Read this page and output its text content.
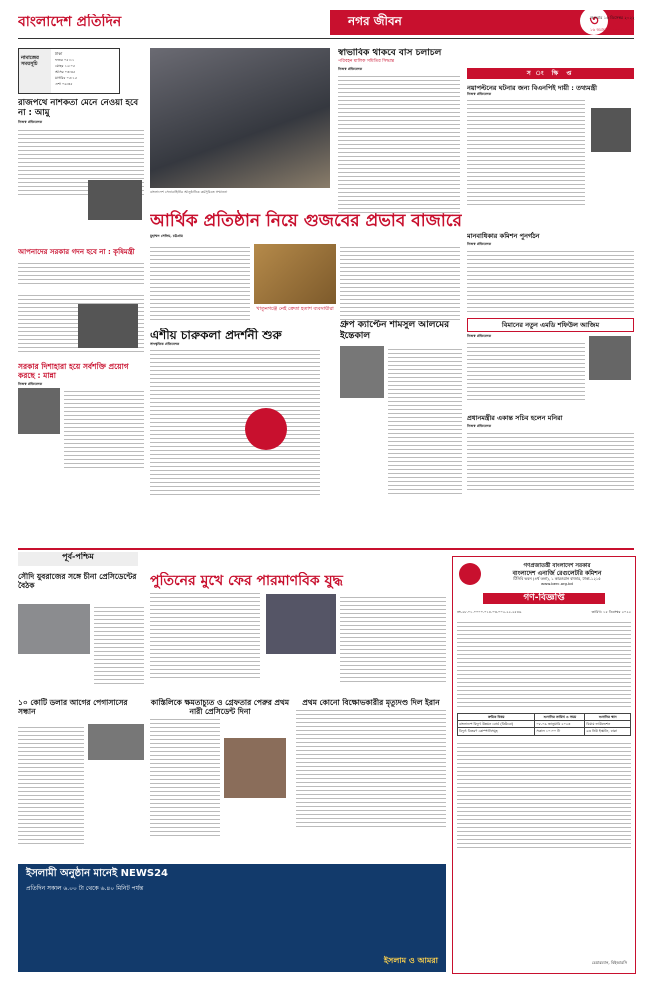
বাংলাদেশ প্রতিদিন	নগর জীবন	৩
শুক্রবার ১৬ ডিসেম্বর ২০২২
১৬ অগ্রহায়ণ ১৪২৯
নামাজের সময়সূচি
ঢাকা
ফজর ০৫:১১
যোহর ১২:০৫
আসর ০৩:৩৫
মাগরিব ০৫:১৫
এশা ০৬:৩৫
রাজপথে নাশকতা মেনে নেওয়া হবে না : আমু
নিজস্ব প্রতিবেদক
আপনাদের সরকার গদন হবে না : কৃষিমন্ত্রী
বাংলাদেশ সেনাবাহিনীর আনুষ্ঠানিক কর্মসূচিতে সম্মাননা
স্বাভাবিক থাকবে বাস চলাচল
পরিবহন মালিক সমিতির সিদ্ধান্ত
নিজস্ব প্রতিবেদক
স ং ক্ষি প্ত
নয়াপল্টনের ঘটনার জন্য বিএনপিই দায়ী : তথ্যমন্ত্রী
নিজস্ব প্রতিবেদক
মানবাধিকার কমিশন পুনর্গঠন
নিজস্ব প্রতিবেদক
বিমানের নতুন এমডি শফিউল আজিম
নিজস্ব প্রতিবেদক
প্রধানমন্ত্রীর একান্ত সচিব হলেন মনিরা
নিজস্ব প্রতিবেদক
আর্থিক প্রতিষ্ঠান নিয়ে গুজবের প্রভাব বাজারে
মুহাম্মদ সেলিম, চট্টগ্রাম
খাতুনগঞ্জে নেই ক্রেতা হতাশ ব্যবসায়ীরা
সরকার দিশাহারা হয়ে সর্বশক্তি প্রয়োগ করছে : মান্না
নিজস্ব প্রতিবেদক
এশীয় চারুকলা প্রদর্শনী শুরু
সাংস্কৃতিক প্রতিবেদক
গ্রুপ ক্যাপ্টেন শামসুল আলমের ইন্তেকাল
পূর্ব-পশ্চিম
সৌদি যুবরাজের সঙ্গে চীনা প্রেসিডেন্টের বৈঠক	পুতিনের মুখে ফের পারমাণবিক যুদ্ধ
১০ কোটি ডলার আগের পেগাসাসের সন্ধান
কাস্তিলিকে ক্ষমতাচ্যুত ও গ্রেফতার পেরুর প্রথম নারী প্রেসিডেন্ট দিনা
প্রথম কোনো বিক্ষোভকারীর মৃত্যুদণ্ড দিল ইরান
ইসলামী অনুষ্ঠান মানেই NEWS24
প্রতিদিন সকাল ৬.০০ টা থেকে ৬.৪০ মিনিট পর্যন্ত
ইসলাম ও আমরা
গণপ্রজাতন্ত্রী বাংলাদেশ সরকার
বাংলাদেশ এনার্জি রেগুলেটরি কমিশন
টিসিবি ভবন (৪র্থ তলা), ১ কারওয়ান বাজার, ঢাকা-১২১৫
www.berc.org.bd
গণ-বিজ্ঞপ্তি
নং-২৮.০১.০০০০.০১৪.০৩.০০২.২২.২৫৪৬	তারিখ: ১৫ ডিসেম্বর ২০২২
ক্রমিক বিষয়	শুনানির তারিখ ও সময়	শুনানির স্থান
বাংলাদেশ বিদ্যুৎ উন্নয়ন বোর্ড (বিউবো)	০৮-০৯ জানুয়ারি ২০২৩	বিয়াম ফাউন্ডেশন
বিদ্যুৎ বিতরণ কোম্পানিসমূহ	সকাল ১০:০০ টা	৬৩ নিউ ইস্কাটন, ঢাকা
চেয়ারম্যান, বিইআরসি
